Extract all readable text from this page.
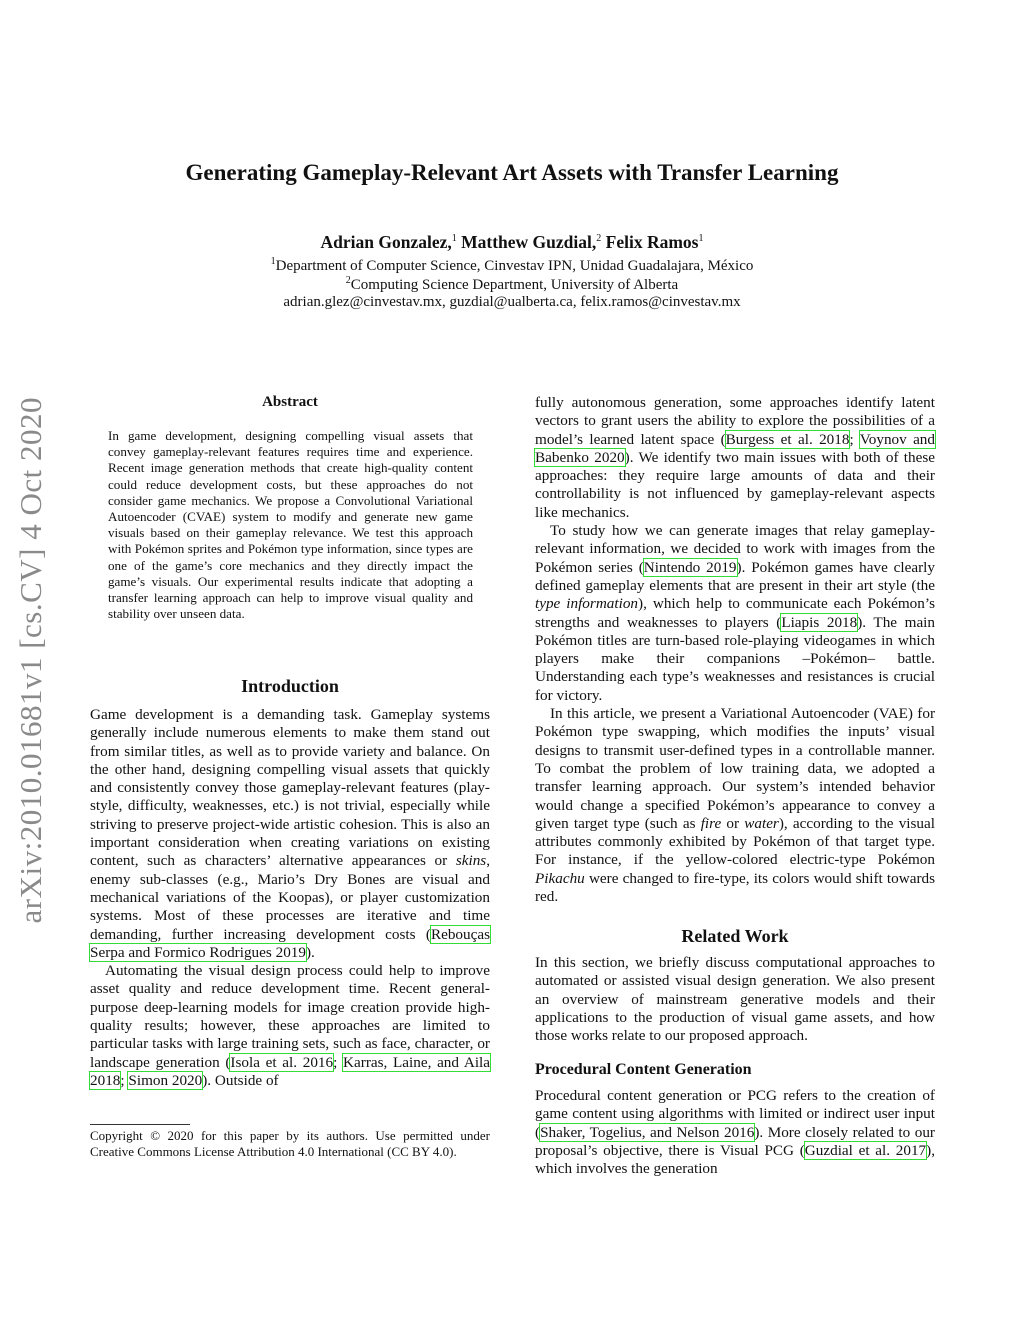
arXiv:2010.01681v1 [cs.CV] 4 Oct 2020
Generating Gameplay-Relevant Art Assets with Transfer Learning
Adrian Gonzalez,$^1$ Matthew Guzdial,$^2$ Felix Ramos$^1$
$^1$Department of Computer Science, Cinvestav IPN, Unidad Guadalajara, México
$^2$Computing Science Department, University of Alberta
adrian.glez@cinvestav.mx, guzdial@ualberta.ca, felix.ramos@cinvestav.mx
Abstract
In game development, designing compelling visual assets that convey gameplay-relevant features requires time and experience. Recent image generation methods that create high-quality content could reduce development costs, but these approaches do not consider game mechanics. We propose a Convolutional Variational Autoencoder (CVAE) system to modify and generate new game visuals based on their gameplay relevance. We test this approach with Pokémon sprites and Pokémon type information, since types are one of the game’s core mechanics and they directly impact the game’s visuals. Our experimental results indicate that adopting a transfer learning approach can help to improve visual quality and stability over unseen data.
Introduction

Game development is a demanding task. Gameplay systems generally include numerous elements to make them stand out from similar titles, as well as to provide variety and balance. On the other hand, designing compelling visual assets that quickly and consistently convey those gameplay-relevant features (play-style, difficulty, weaknesses, etc.) is not trivial, especially while striving to preserve project-wide artistic cohesion. This is also an important consideration when creating variations on existing content, such as characters’ alternative appearances or skins, enemy sub-classes (e.g., Mario’s Dry Bones are visual and mechanical variations of the Koopas), or player customization systems. Most of these processes are iterative and time demanding, further increasing development costs (Rebouças Serpa and Formico Rodrigues 2019).

Automating the visual design process could help to improve asset quality and reduce development time. Recent general-purpose deep-learning models for image creation provide high-quality results; however, these approaches are limited to particular tasks with large training sets, such as face, character, or landscape generation (Isola et al. 2016; Karras, Laine, and Aila 2018; Simon 2020). Outside of

Copyright © 2020 for this paper by its authors. Use permitted under Creative Commons License Attribution 4.0 International (CC BY 4.0).

fully autonomous generation, some approaches identify latent vectors to grant users the ability to explore the possibilities of a model’s learned latent space (Burgess et al. 2018; Voynov and Babenko 2020). We identify two main issues with both of these approaches: they require large amounts of data and their controllability is not influenced by gameplay-relevant aspects like mechanics.

To study how we can generate images that relay gameplay-relevant information, we decided to work with images from the Pokémon series (Nintendo 2019). Pokémon games have clearly defined gameplay elements that are present in their art style (the type information), which help to communicate each Pokémon’s strengths and weaknesses to players (Liapis 2018). The main Pokémon titles are turn-based role-playing videogames in which players make their companions –Pokémon– battle. Understanding each type’s weaknesses and resistances is crucial for victory.

In this article, we present a Variational Autoencoder (VAE) for Pokémon type swapping, which modifies the inputs’ visual designs to transmit user-defined types in a controllable manner. To combat the problem of low training data, we adopted a transfer learning approach. Our system’s intended behavior would change a specified Pokémon’s appearance to convey a given target type (such as fire or water), according to the visual attributes commonly exhibited by Pokémon of that target type. For instance, if the yellow-colored electric-type Pokémon Pikachu were changed to fire-type, its colors would shift towards red.

Related Work

In this section, we briefly discuss computational approaches to automated or assisted visual design generation. We also present an overview of mainstream generative models and their applications to the production of visual game assets, and how those works relate to our proposed approach.

Procedural Content Generation

Procedural content generation or PCG refers to the creation of game content using algorithms with limited or indirect user input (Shaker, Togelius, and Nelson 2016). More closely related to our proposal’s objective, there is Visual PCG (Guzdial et al. 2017), which involves the generation
